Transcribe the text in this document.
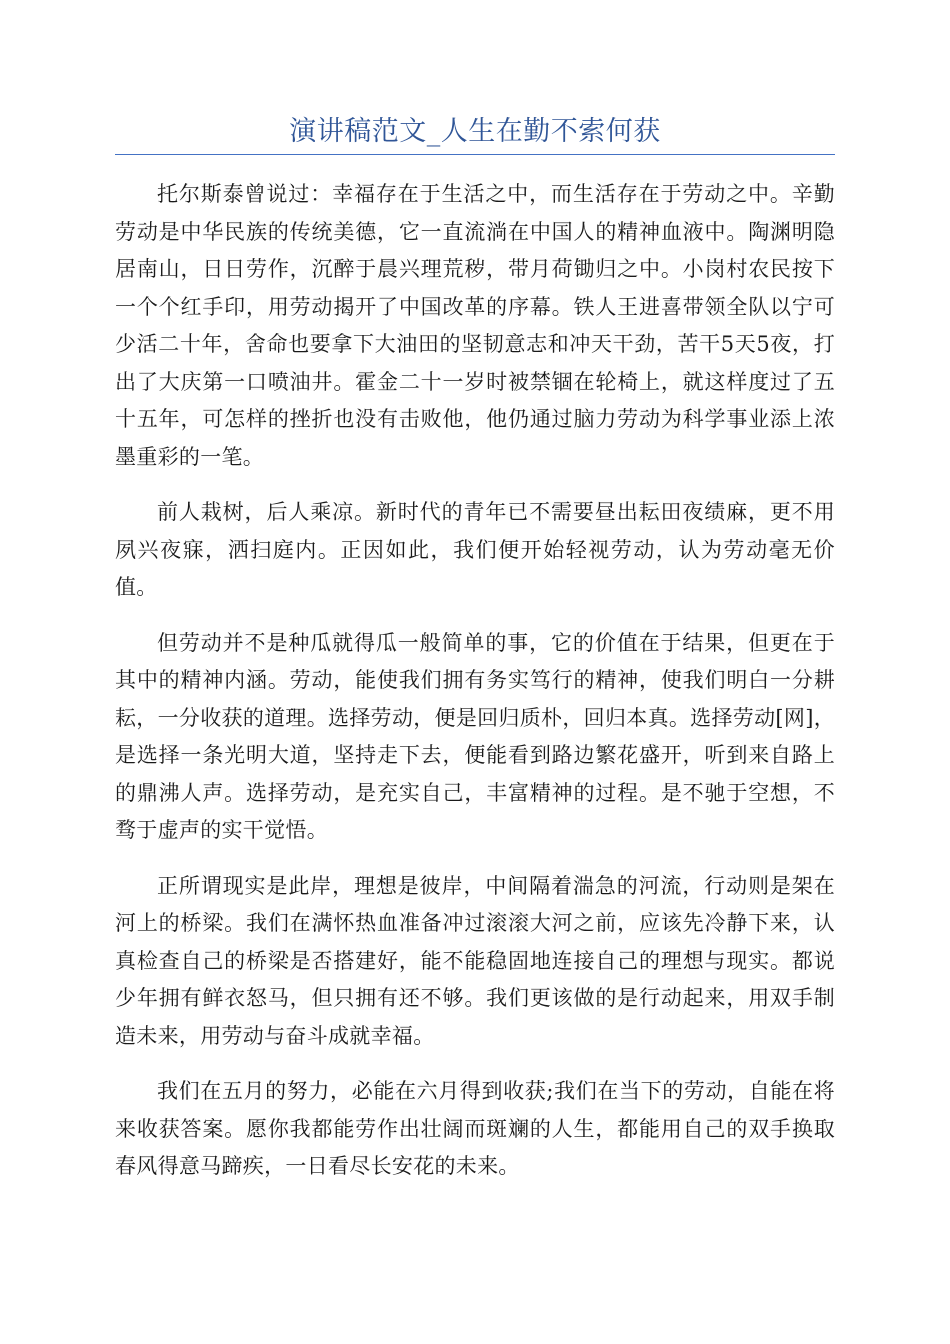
演讲稿范文_人生在勤不索何获

托尔斯泰曾说过：幸福存在于生活之中，而生活存在于劳动之中。辛勤劳动是中华民族的传统美德，它一直流淌在中国人的精神血液中。陶渊明隐居南山，日日劳作，沉醉于晨兴理荒秽，带月荷锄归之中。小岗村农民按下一个个红手印，用劳动揭开了中国改革的序幕。铁人王进喜带领全队以宁可少活二十年，舍命也要拿下大油田的坚韧意志和冲天干劲，苦干5天5夜，打出了大庆第一口喷油井。霍金二十一岁时被禁锢在轮椅上，就这样度过了五十五年，可怎样的挫折也没有击败他，他仍通过脑力劳动为科学事业添上浓墨重彩的一笔。

前人栽树，后人乘凉。新时代的青年已不需要昼出耘田夜绩麻，更不用夙兴夜寐，洒扫庭内。正因如此，我们便开始轻视劳动，认为劳动毫无价值。

但劳动并不是种瓜就得瓜一般简单的事，它的价值在于结果，但更在于其中的精神内涵。劳动，能使我们拥有务实笃行的精神，使我们明白一分耕耘，一分收获的道理。选择劳动，便是回归质朴，回归本真。选择劳动[网]，是选择一条光明大道，坚持走下去，便能看到路边繁花盛开，听到来自路上的鼎沸人声。选择劳动，是充实自己，丰富精神的过程。是不驰于空想，不骛于虚声的实干觉悟。

正所谓现实是此岸，理想是彼岸，中间隔着湍急的河流，行动则是架在河上的桥梁。我们在满怀热血准备冲过滚滚大河之前，应该先冷静下来，认真检查自己的桥梁是否搭建好，能不能稳固地连接自己的理想与现实。都说少年拥有鲜衣怒马，但只拥有还不够。我们更该做的是行动起来，用双手制造未来，用劳动与奋斗成就幸福。

我们在五月的努力，必能在六月得到收获;我们在当下的劳动，自能在将来收获答案。愿你我都能劳作出壮阔而斑斓的人生，都能用自己的双手换取春风得意马蹄疾，一日看尽长安花的未来。
